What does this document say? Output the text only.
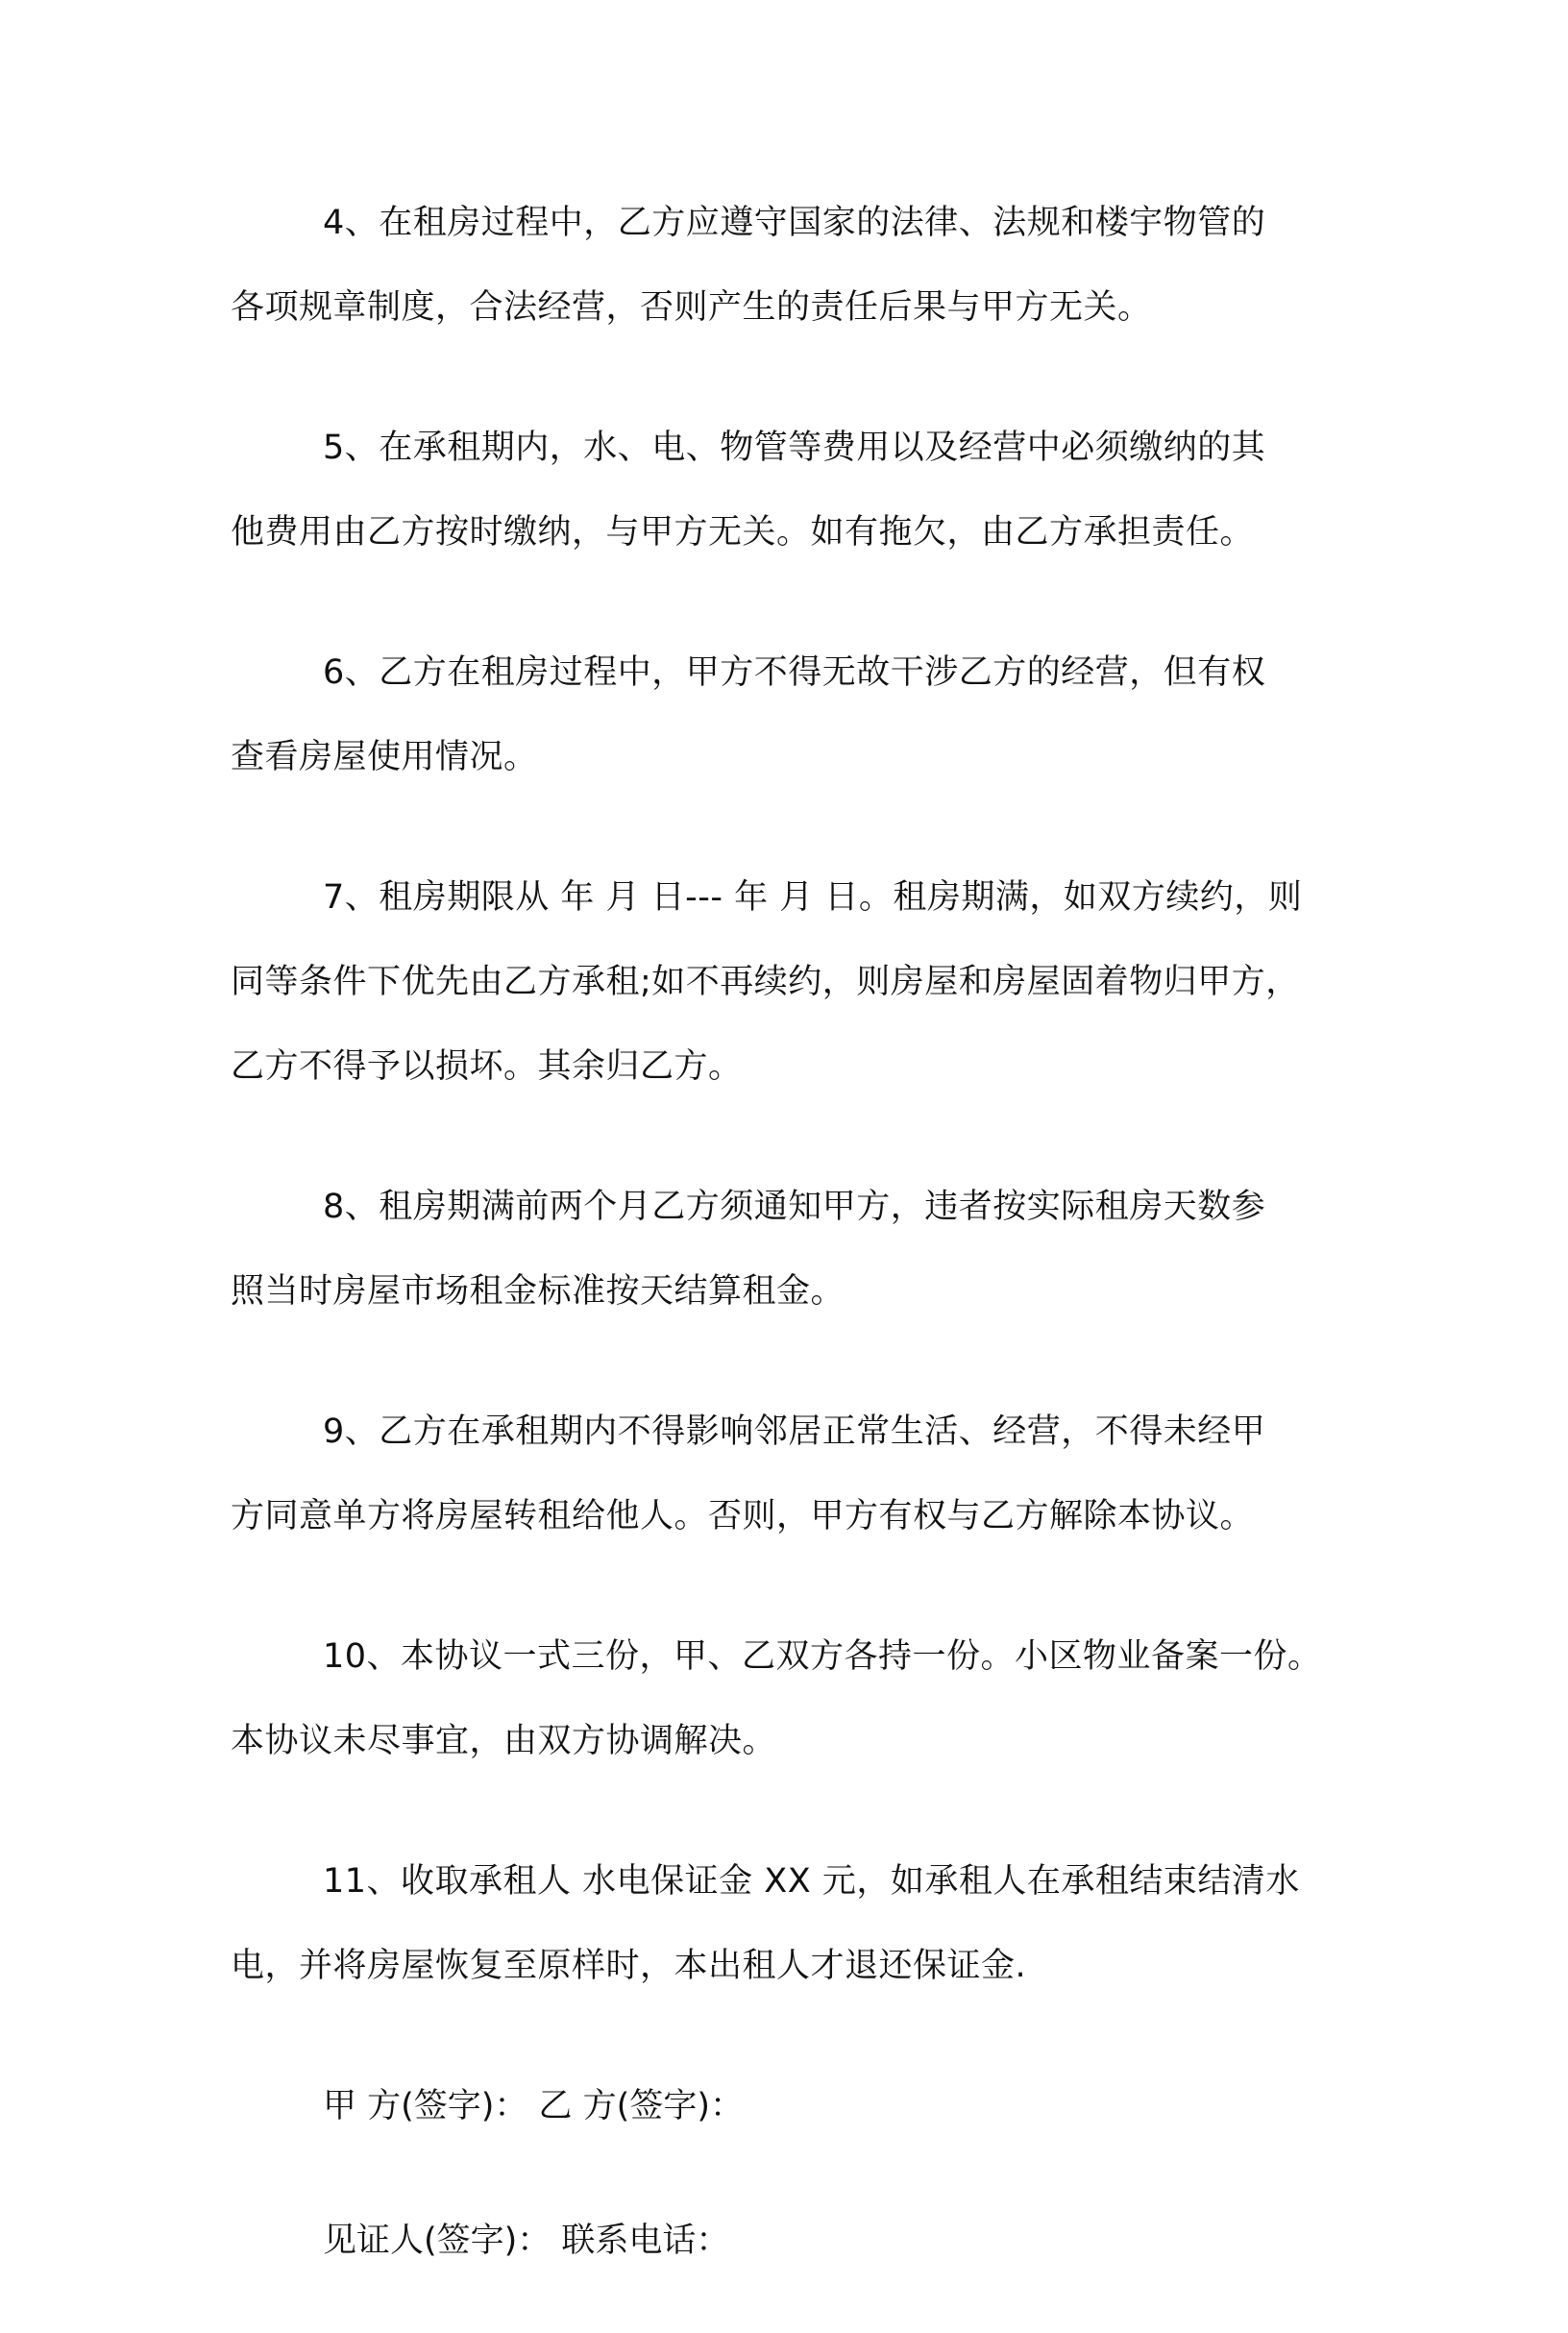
4、在租房过程中，乙方应遵守国家的法律、法规和楼宇物管的
各项规章制度，合法经营，否则产生的责任后果与甲方无关。
5、在承租期内，水、电、物管等费用以及经营中必须缴纳的其
他费用由乙方按时缴纳，与甲方无关。如有拖欠，由乙方承担责任。
6、乙方在租房过程中，甲方不得无故干涉乙方的经营，但有权
查看房屋使用情况。
7、租房期限从 年 月 日--- 年 月 日。租房期满，如双方续约，则
同等条件下优先由乙方承租;如不再续约，则房屋和房屋固着物归甲方，
乙方不得予以损坏。其余归乙方。
8、租房期满前两个月乙方须通知甲方，违者按实际租房天数参
照当时房屋市场租金标准按天结算租金。
9、乙方在承租期内不得影响邻居正常生活、经营，不得未经甲
方同意单方将房屋转租给他人。否则，甲方有权与乙方解除本协议。
10、本协议一式三份，甲、乙双方各持一份。小区物业备案一份。
本协议未尽事宜，由双方协调解决。
11、收取承租人 水电保证金 XX 元，如承租人在承租结束结清水
电，并将房屋恢复至原样时，本出租人才退还保证金.
甲 方(签字)： 乙 方(签字)：
见证人(签字)： 联系电话：
